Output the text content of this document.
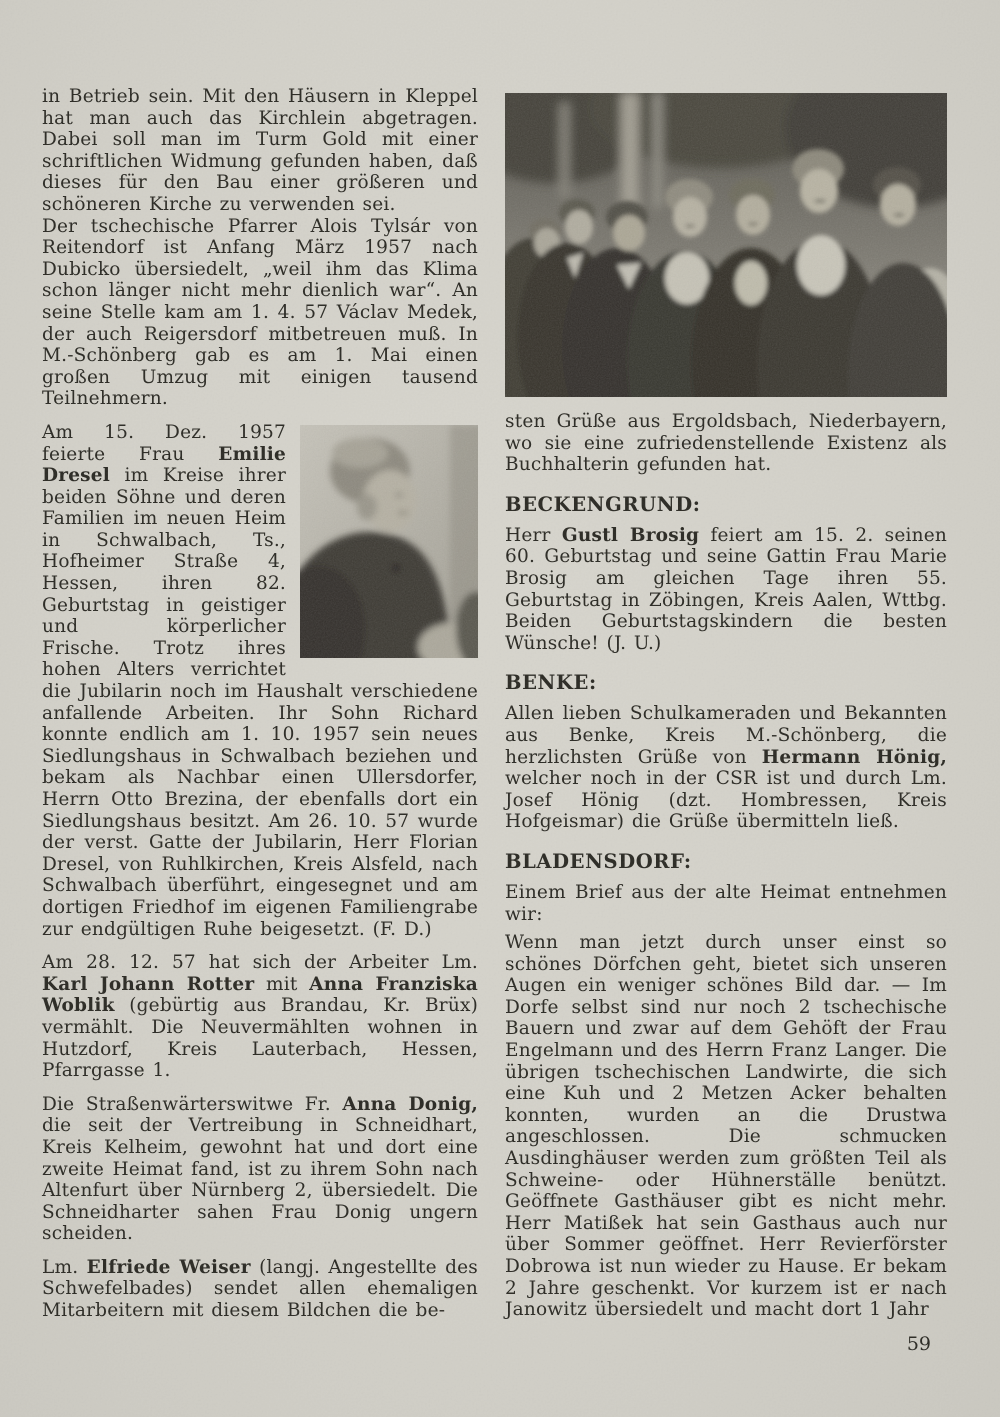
in Betrieb sein. Mit den Häusern in Kleppel hat man auch das Kirchlein abgetragen. Dabei soll man im Turm Gold mit einer schriftlichen Widmung gefunden haben, daß dieses für den Bau einer größeren und schöneren Kirche zu verwenden sei.

Der tschechische Pfarrer Alois Tylsár von Reitendorf ist Anfang März 1957 nach Dubicko übersiedelt, „weil ihm das Klima schon länger nicht mehr dienlich war“. An seine Stelle kam am 1. 4. 57 Václav Medek, der auch Reigersdorf mitbetreuen muß. In M.-Schönberg gab es am 1. Mai einen großen Umzug mit einigen tausend Teilnehmern.

Am 15. Dez. 1957 feierte Frau Emilie Dresel im Kreise ihrer beiden Söhne und deren Familien im neuen Heim in Schwalbach, Ts., Hofheimer Straße 4, Hessen, ihren 82. Geburtstag in geistiger und körperlicher Frische. Trotz ihres hohen Alters verrichtet die Jubilarin noch im Haushalt verschiedene anfallende Arbeiten. Ihr Sohn Richard konnte endlich am 1. 10. 1957 sein neues Siedlungshaus in Schwalbach beziehen und bekam als Nachbar einen Ullersdorfer, Herrn Otto Brezina, der ebenfalls dort ein Siedlungshaus besitzt. Am 26. 10. 57 wurde der verst. Gatte der Jubilarin, Herr Florian Dresel, von Ruhlkirchen, Kreis Alsfeld, nach Schwalbach überführt, eingesegnet und am dortigen Friedhof im eigenen Familiengrabe zur endgültigen Ruhe beigesetzt. (F. D.)

Am 28. 12. 57 hat sich der Arbeiter Lm. Karl Johann Rotter mit Anna Franziska Woblik (gebürtig aus Brandau, Kr. Brüx) vermählt. Die Neuvermählten wohnen in Hutzdorf, Kreis Lauterbach, Hessen, Pfarrgasse 1.

Die Straßenwärterswitwe Fr. Anna Donig, die seit der Vertreibung in Schneidhart, Kreis Kelheim, gewohnt hat und dort eine zweite Heimat fand, ist zu ihrem Sohn nach Altenfurt über Nürnberg 2, übersiedelt. Die Schneidharter sahen Frau Donig ungern scheiden.

Lm. Elfriede Weiser (langj. Angestellte des Schwefelbades) sendet allen ehemaligen Mitarbeitern mit diesem Bildchen die be-

sten Grüße aus Ergoldsbach, Niederbayern, wo sie eine zufriedenstellende Existenz als Buchhalterin gefunden hat.

BECKENGRUND:

Herr Gustl Brosig feiert am 15. 2. seinen 60. Geburtstag und seine Gattin Frau Marie Brosig am gleichen Tage ihren 55. Geburtstag in Zöbingen, Kreis Aalen, Wttbg. Beiden Geburtstagskindern die besten Wünsche! (J. U.)

BENKE:

Allen lieben Schulkameraden und Bekannten aus Benke, Kreis M.-Schönberg, die herzlichsten Grüße von Hermann Hönig, welcher noch in der CSR ist und durch Lm. Josef Hönig (dzt. Hombressen, Kreis Hofgeismar) die Grüße übermitteln ließ.

BLADENSDORF:

Einem Brief aus der alte Heimat entnehmen wir:

Wenn man jetzt durch unser einst so schönes Dörfchen geht, bietet sich unseren Augen ein weniger schönes Bild dar. — Im Dorfe selbst sind nur noch 2 tschechische Bauern und zwar auf dem Gehöft der Frau Engelmann und des Herrn Franz Langer. Die übrigen tschechischen Landwirte, die sich eine Kuh und 2 Metzen Acker behalten konnten, wurden an die Drustwa angeschlossen. Die schmucken Ausdinghäuser werden zum größten Teil als Schweine- oder Hühnerställe benützt. Geöffnete Gasthäuser gibt es nicht mehr. Herr Matißek hat sein Gasthaus auch nur über Sommer geöffnet. Herr Revierförster Dobrowa ist nun wieder zu Hause. Er bekam 2 Jahre geschenkt. Vor kurzem ist er nach Janowitz übersiedelt und macht dort 1 Jahr

59
